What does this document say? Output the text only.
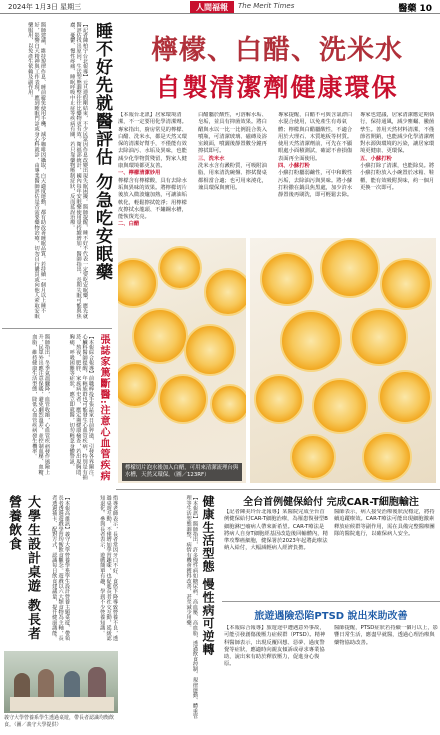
2024年 1月3日 星期三	人間福報	The Merit Times	醫藥 10
睡不好先就醫評估 勿急吃安眠藥
【記者陳柏宇台北報導】元旦連假剛結束，不少民眾因作息改變出現失眠困擾。醫師提醒，睡不好不代表一定要吃安眠藥，應先就醫評估找出原因，生活型態調整往往比藥物更有效。衛福部統計，國內每年安眠藥使用量持續增加，醫師指出，長期失眠可能與焦慮、憂鬱、慢性疼痛、睡眠呼吸中止症等疾病有關，若只靠藥物壓制症狀，反而延誤治療。
醫師建議，維持規律作息、睡前避免使用手機、減少咖啡因攝取，白天適度運動，都有助改善睡眠品質。若持續一個月以上睡不好，影響白天精神與工作表現，應到睡眠門診或身心科就診，由專業醫師評估是否需要藥物治療，切勿自行購買或向他人索取安眠藥服用，以免產生依賴及副作用。
張誌家篤斷醫:注意心血管疾病
【本報綜合報導】前職棒投手張誌家日前猝逝，引發各界關注。心臟科醫師提醒，年輕族群也可能發生心血管疾病，特別是有抽菸、熬夜、肥胖、家族病史者，應定期健康檢查，若出現胸悶、胸痛、呼吸困難等症狀，應立即就醫，切勿輕忽身體警訊。
醫師指出，冬季氣溫驟降，血管收縮，心血管疾病發作風險上升，民眾外出應注意保暖，避免劇烈溫差，並控制血壓、血糖、血脂，維持健康生活型態，降低心血管疾病發生機率。
檸檬、白醋、洗米水
自製清潔劑健康環保
【本報台北訊】居家環境清潔，不一定要用化學清潔劑。專家指出，廚房常見的檸檬、白醋、洗米水，都是天然又環保的清潔好幫手，不僅能有效去除油污、水垢及異味，也能減少化學物質殘留，對家人健康與環境都更友善。
一、檸檬清潔妙用
檸檬含有檸檬酸，具有去除水垢與異味的效果。將檸檬切片後放入微波爐加熱，可讓油垢軟化，輕鬆擦拭乾淨；用檸檬皮擦拭水龍頭、不鏽鋼水槽，能恢復光亮。
二、白醋
白醋屬於酸性，可溶解水垢、皂垢，並具有抑菌效果。將白醋與水以一比一比例混合裝入噴瓶，可清潔玻璃、磁磚及浴室鏡面，噴灑後靜置數分鐘再擦拭即可。
三、洗米水
洗米水含有澱粉質，可吸附油脂，用來清洗碗盤、擦拭餐桌都相當合適；也可用來澆花，兼具環保與實用。
專家提醒，白醋不可與含氯漂白水混合使用，以免產生有毒氣體；檸檬與白醋屬酸性，不適合用於大理石、木質地板等材質。使用天然清潔劑前，可先在不顯眼處小面積測試，確認不會損傷表面再全面使用。
四、小蘇打粉
小蘇打粉屬弱鹼性，可中和酸性污垢，去除油污與異味。將小蘇打粉撒在鍋具焦黑處，加少許水靜置後再刷洗，即可輕鬆去除。
專家也建議，居家清潔應定期執行，保持通風，減少塵蟎、黴菌孳生。善用天然材料清潔，不僅節省開銷，也能減少化學清潔劑對水源與環境的污染，讓居家環境更健康、更環保。
五、小蘇打粉
小蘇打除了清潔，也能除臭。將小蘇打粉放入小碗置於冰箱、鞋櫃，能有效吸附異味，約一個月更換一次即可。
檸檬切片泡水後加入白醋，可用來清潔流理台與水槽，天然又環保。（圖／123RF）
大學生設計桌遊 教長者營養飲食	【本報高雄訊】義守大學營養學系學生設計營養主題桌遊，帶領長者透過遊戲學習均衡飲食觀念。遊戲以六大類食物為主軸，長者透過抽卡、配對方式，認識每日飲食建議量，提升健康識能。	指導老師表示，長者常因牙口不好、食慾下降導致營養不良，透過桌遊互動，不僅增加學習趣味，也促進長者社交互動，延緩認知退化。參與長者表示，遊戲簡單有趣，學到不少營養知識。	健康生活型態 慢性病可逆轉
【本報訊】醫師指出，許多慢性病如糖尿病、高血壓、高血脂，透過飲食控制、規律運動、體重管理等生活型態調整，病情有機會獲得改善，甚至減少用藥。
義守大學營養系學生透過桌遊，帶長者認識均衡飲食。（圖／義守大學提供）
全台首例健保給付 完成CAR-T細胞輸注
【記者陳美玲台北報導】某醫院完成全台首例健保給付CAR-T細胞治療，為罹患復發型B細胞淋巴瘤病人帶來新希望。CAR-T療法是將病人自身T細胞經基因改造後回輸體內，精準攻擊癌細胞，健保署於2023年起將此療法納入給付，大幅減輕病人經濟負擔。
醫師表示，病人接受治療後狀況穩定，將持續追蹤療效。CAR-T療法可能出現細胞激素釋放症候群等副作用，需在具備完整醫療團隊的醫院進行，以確保病人安全。
旅遊遇險恐陷PTSD 說出來助改善
【本報綜合報導】旅遊途中遭遇意外事故，可能引發創傷後壓力症候群（PTSD）。精神科醫師表示，出現反覆回想、惡夢、過度警覺等症狀，應適時向親友傾訴或尋求專業協助，說出來有助於釋放壓力，促進身心復原。
醫師提醒，PTSD症狀若持續一個月以上，影響日常生活，應盡早就醫，透過心理治療與藥物協助改善。
